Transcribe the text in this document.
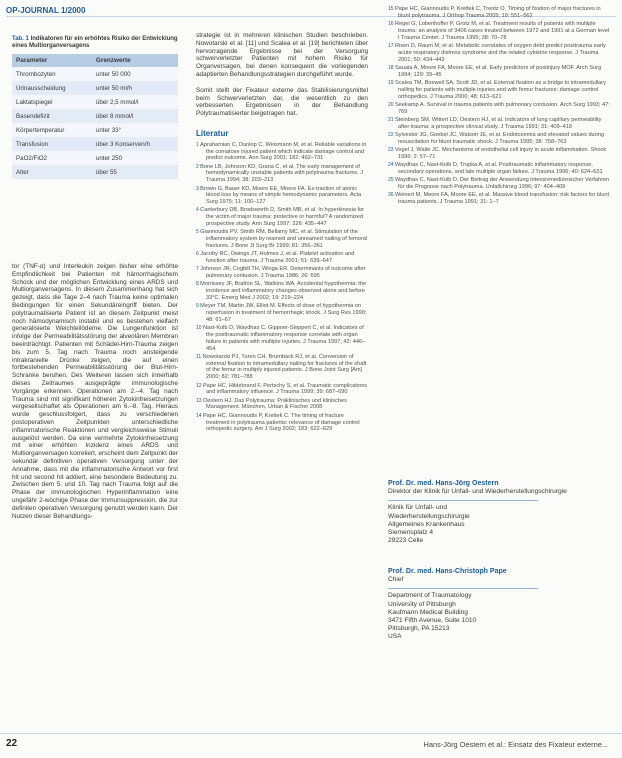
OP-JOURNAL 1/2000
Tab. 1 Indikatoren für ein erhöhtes Risiko der Entwicklung eines Multiorganversagens
Parameter	Grenzwerte
Thrombozyten	unter 50 000
Urinausscheidung	unter 50 ml/h
Laktatspiegel	über 2,5 mmol/l
Basendefizit	über 8 mmol/l
Körpertemperatur	unter 33°
Transfusion	über 3 Konserven/h
PaO2/FiO2	unter 250
Alter	über 55
tor (TNF-α) und Interleukin zeigen bisher eine erhöhte Empfindlichkeit bei Patienten mit hämorrhagischem Schock und der möglichen Entwicklung eines ARDS und Multiorganversagens. In diesem Zusammenhang hat sich gezeigt, dass die Tage 2–4 nach Trauma keine optimalen Bedingungen für einen Sekundäreingriff bieten. Der polytraumatisierte Patient ist an diesem Zeitpunkt meist noch hämodynamisch instabil und es bestehen vielfach generalisierte Weichteilödeme. Die Lungenfunktion ist infolge der Permeabilitätsstörung der alveolären Membran beeinträchtigt. Patienten mit Schädel-Hirn-Trauma zeigen bis zum 5. Tag nach Trauma noch ansteigende intrakranielle Drücke zeigen, die auf einen fortbestehenden Permeabilitätsstörung der Blut-Hirn-Schranke beruhen. Des Weiteren lassen sich innerhalb dieses Zeitraumes ausgeprägte immunologische Vorgänge erkennen. Operationen am 2.–4. Tag nach Trauma sind mit signifikant höheren Zytokinfreisetzungen vergesellschaftet als Operationen am 6.–8. Tag. Hieraus wurde geschlussfolgert, dass zu verschiedenen postoperativen Zeitpunkten unterschiedliche inflammatorische Reaktionen und vergleichsweise Stimuli ausgelöst werden. Da eine vermehrte Zytokinfreisetzung mit einer erhöhten Inzidenz eines ARDS und Multiorganversagen korreliert, erscheint dem Zeitpunkt der sekundär definitiven operativen Versorgung unter der Annahme, dass mit die inflammatorische Antwort vor first hit und second hit addiert, eine besondere Bedeutung zu. Zwischen dem 5. und 10. Tag nach Trauma folgt auf die Phase der immunologischen Hyperinflammation eine ungefähr 2-wöchige Phase der Immunsuppression, die zur definiten operativen Versorgung genutzt werden kann. Der Nutzen dieser Behandlungs-

strategie ist in mehreren klinischen Studien beschrieben. Nowotarski et al. [11] und Scalea et al. [19] berichteten über hervorragende Ergebnisse bei der Versorgung schwerverletzter Patienten mit hohem Risiko für Organversagen, bei denen konsequent die vorliegenden adaptierten Behandlungsstrategien durchgeführt wurde.

Somit stellt der Fixateur externe das Stabilisierungsmittel beim Schwerverletzten dar, die wesentlich zu den verbesserten Ergebnissen in der Behandlung Polytraumatisierter beigetragen hat.

Literatur
1 Aprahamian C, Dunlop C, Weismann M, et al. Reliable variations in the comatose injured patient which indicate damage control and predict outcome. Ann Surg 2001; 182: 492–731
2 Bone LB, Johnson KD, Grana C, et al. The early management of hemodynamically unstable patients with polytrauma fractures. J Trauma 1994; 38: 203–213
3 Brown G, Bauer KD, Moore EE, Moore FA. Ex-traction of atonic blood loss by means of simple hemodynamic parameters. Acta Surg 1975; 11: 100–127
4 Canterbury DB, Brodsworth D, Smith MB, et al. In hyperkinesia for the victim of major trauma: protective or harmful? A randomized prospective study. Ann Surg 1997; 226: 435–447
5 Giannoudis PV, Smith RM, Bellamy MC, et al. Stimulation of the inflammatory system by reamed and unreamed nailing of femoral fractures. J Bone Jt Surg Br 1999; 81: 356–361
6 Jacoby RC, Owings JT, Holmes J, et al. Platelet activation and function after trauma. J Trauma 2001; 51: 639–647
7 Johnson JR, Cogbill TH, Winga ER. Determinants of outcome after pulmonary contusion. J Trauma 1986; 26: 695
8 Morrissey JF, Bratton SL, Watkins WA. Accidental hypothermia: the incidence and inflammatory changes observed alone and before 33°C. Emerg Med J 2002; 19: 219–224
9 Meyer TM, Martin JW, Elliot M. Effects of dose of hypothermia on reperfusion in treatment of hemorrhagic shock. J Surg Res 1990; 48: 61–67
10 Nast-Kolb D, Waydhas C, Gippner-Steppert C, et al. Indicators of the posttraumatic inflammatory response correlate with organ failure in patients with multiple injuries. J Trauma 1997; 42: 446–454
11 Nowotarski PJ, Turen CH, Brumback RJ, et al. Conversion of external fixation to intramedullary nailing for fractures of the shaft of the femur in multiply injured patients. J Bone Joint Surg [Am] 2000; 82: 781–788
12 Pape HC, Hildebrand F, Pertschy S, et al. Traumatic complications and inflammatory influence. J Trauma 1999; 39: 687–690
13 Oestern HJ. Das Polytrauma: Präklinisches und klinisches Management. München, Urban & Fischer 2008
14 Pape HC, Giannoudis P, Krettek C. The timing of fracture treatment in polytrauma patients: relevance of damage control orthopedic surgery. Am J Surg 2002; 183: 622–629
15 Pape HC, Giannoudis P, Krettek C, Trentz O. Timing of fixation of major fractures in blunt polytrauma. J Orthop Trauma 2005; 19: 551–562
16 Regel G, Lobenhoffer P, Grotz M, et al. Treatment results of patients with multiple trauma: an analysis of 3406 cases treated between 1972 and 1991 at a German level I Trauma Center. J Trauma 1995; 38: 70–78
17 Rixen D, Raum M, et al. Metabolic correlates of oxygen debt predict posttrauma early acute respiratory distress syndrome and the related cytokine response. J Trauma 2001; 50: 434–442
18 Sauaia A, Moore FA, Moore EE, et al. Early predictors of postinjury MOF. Arch Surg 1994; 129: 39–45
19 Scalea TM, Boswell SA, Scott JD, et al. External fixation as a bridge to intramedullary nailing for patients with multiple injuries and with femur fractures: damage control orthopedics. J Trauma 2000; 48: 613–621
20 Seekamp A. Survival in trauma patients with pulmonary contusion. Arch Surg 1993; 47: 769
21 Steinberg SM. Wittert LD, Oestern HJ, et al. Indicators of lung capillary permeability after trauma: a prospective clinical study. J Trauma 1991; 31: 409–418
22 Sylvester JG, Goebel JC, Watson JE, et al. Endotoxemia and elevated values during resuscitation for blunt traumatic shock. J Trauma 1995; 38: 758–763
23 Vogel J, Waite JC. Mechanisms of endothelial cell injury in acute inflammation. Shock 1996; 2: 57–71
24 Waydhas C, Nast-Kolb D, Trupka A, et al. Posttraumatic inflammatory response, secondary operations, and late multiple organ failure. J Trauma 1996; 40: 624–631
25 Waydhas C, Nast-Kolb D. Der Beitrag der Anwendung intensivmedizinischer Verfahren für die Prognose nach Polytrauma. Unfallchirurg 1996; 97: 404–409
26 Weinert M, Moore FA, Moore EE, et al. Massive blood transfusion: risk factors for blunt trauma patients. J Trauma 1991; 31: 1–7
Prof. Dr. med. Hans-Jörg Oestern
Direktor der Klinik für Unfall- und Wiederherstellungschirurgie
Klinik für Unfall- und
Wiederherstellungschirurgie
Allgemeines Krankenhaus
Siemensplatz 4
29223 Celle
Prof. Dr. med. Hans-Christoph Pape
Chief
Department of Traumatology
University of Pittsburgh
Kaufmann Medical Building
3471 Fifth Avenue, Suite 1010
Pittsburgh, PA 15213
USA
22	Hans-Jörg Oestern et al.: Einsatz des Fixateur externe...
